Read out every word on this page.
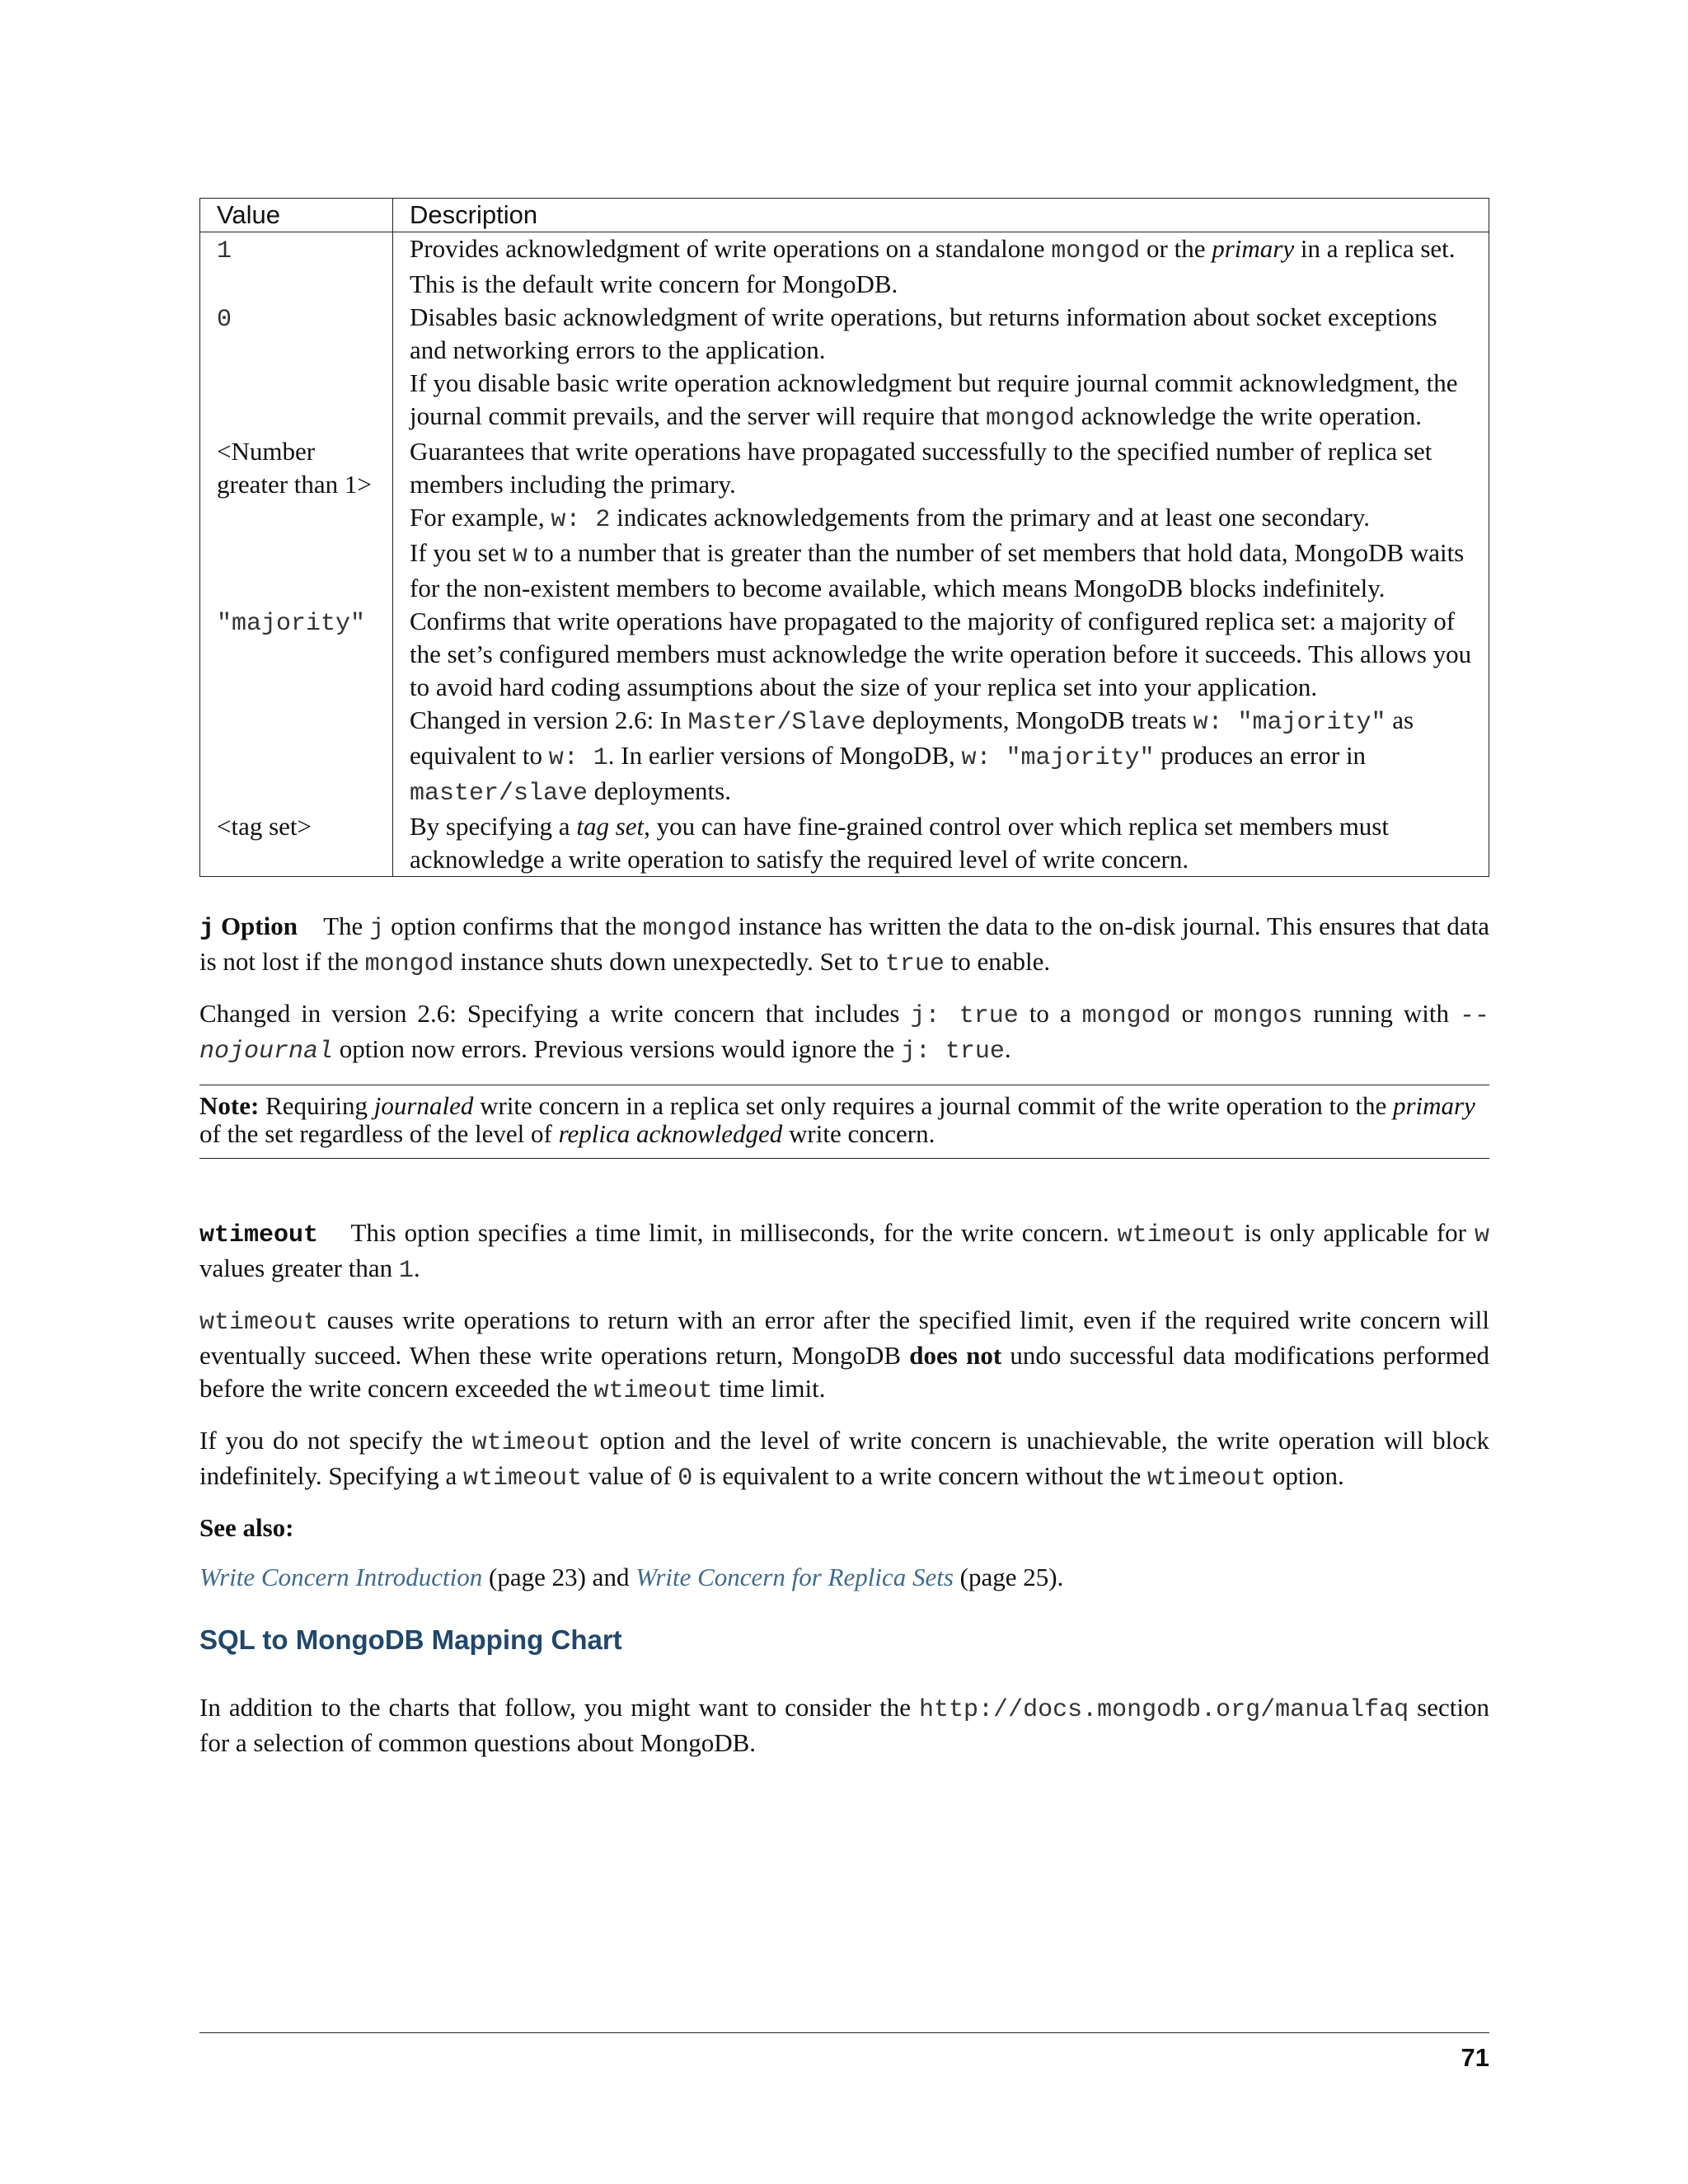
Value	Description
1	Provides acknowledgment of write operations on a standalone mongod or the primary in a replica set.

This is the default write concern for MongoDB.

0	Disables basic acknowledgment of write operations, but returns information about socket exceptions and networking errors to the application.

If you disable basic write operation acknowledgment but require journal commit acknowledgment, the journal commit prevails, and the server will require that mongod acknowledge the write operation.

<Number greater than 1>	Guarantees that write operations have propagated successfully to the specified number of replica set members including the primary.

For example, w: 2 indicates acknowledgements from the primary and at least one secondary.

If you set w to a number that is greater than the number of set members that hold data, MongoDB waits for the non-existent members to become available, which means MongoDB blocks indefinitely.

"majority"	Confirms that write operations have propagated to the majority of configured replica set: a majority of the set’s configured members must acknowledge the write operation before it succeeds. This allows you to avoid hard coding assumptions about the size of your replica set into your application.

Changed in version 2.6: In Master/Slave deployments, MongoDB treats w: "majority" as equivalent to w: 1. In earlier versions of MongoDB, w: "majority" produces an error in master/slave deployments.

<tag set>	By specifying a tag set, you can have fine-grained control over which replica set members must acknowledge a write operation to satisfy the required level of write concern.

j Option The j option confirms that the mongod instance has written the data to the on-disk journal. This ensures that data is not lost if the mongod instance shuts down unexpectedly. Set to true to enable.

Changed in version 2.6: Specifying a write concern that includes j: true to a mongod or mongos running with --nojournal option now errors. Previous versions would ignore the j: true.

Note: Requiring journaled write concern in a replica set only requires a journal commit of the write operation to the primary of the set regardless of the level of replica acknowledged write concern.

wtimeout This option specifies a time limit, in milliseconds, for the write concern. wtimeout is only applicable for w values greater than 1.

wtimeout causes write operations to return with an error after the specified limit, even if the required write concern will eventually succeed. When these write operations return, MongoDB does not undo successful data modifications performed before the write concern exceeded the wtimeout time limit.

If you do not specify the wtimeout option and the level of write concern is unachievable, the write operation will block indefinitely. Specifying a wtimeout value of 0 is equivalent to a write concern without the wtimeout option.

See also:

Write Concern Introduction (page 23) and Write Concern for Replica Sets (page 25).

SQL to MongoDB Mapping Chart

In addition to the charts that follow, you might want to consider the http://docs.mongodb.org/manualfaq section for a selection of common questions about MongoDB.

71
